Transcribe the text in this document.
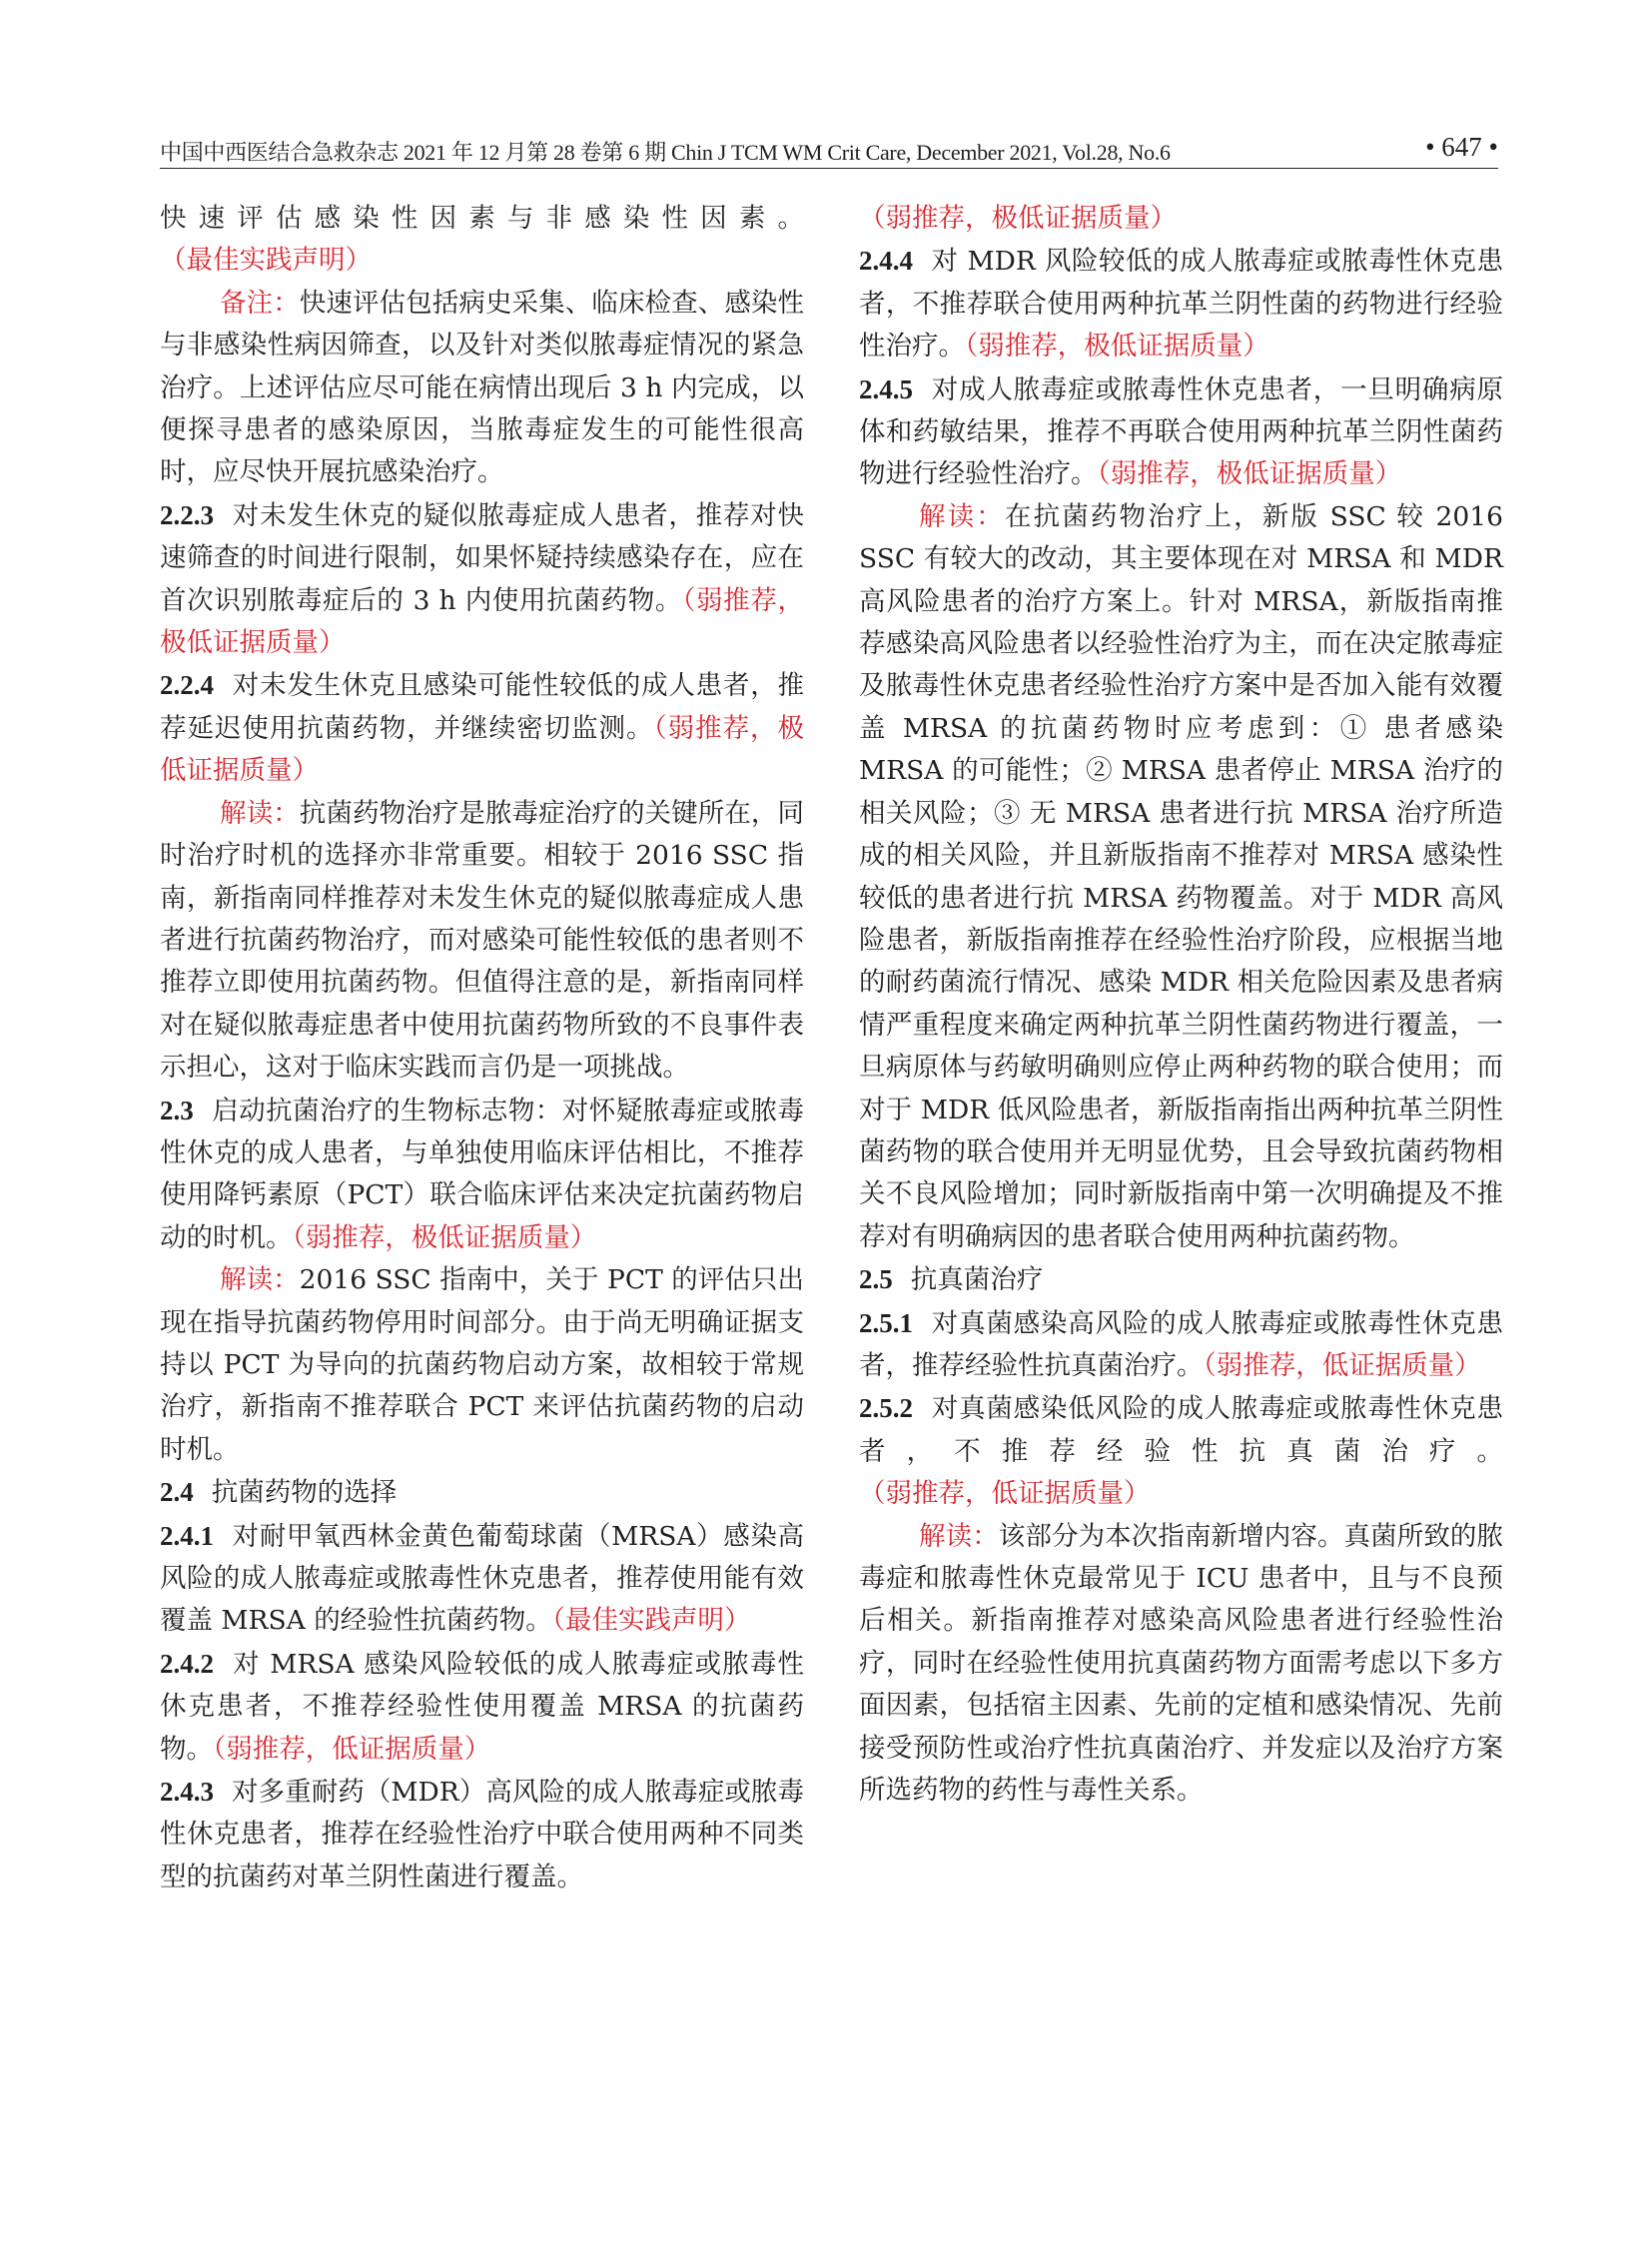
中国中西医结合急救杂志 2021 年 12 月第 28 卷第 6 期 Chin J TCM WM Crit Care, December 2021, Vol.28, No.6	• 647 •

快速评估感染性因素与非感染性因素。（最佳实践声明）

备注：快速评估包括病史采集、临床检查、感染性与非感染性病因筛查，以及针对类似脓毒症情况的紧急治疗。上述评估应尽可能在病情出现后 3 h 内完成，以便探寻患者的感染原因，当脓毒症发生的可能性很高时，应尽快开展抗感染治疗。

2.2.3 对未发生休克的疑似脓毒症成人患者，推荐对快速筛查的时间进行限制，如果怀疑持续感染存在，应在首次识别脓毒症后的 3 h 内使用抗菌药物。（弱推荐，极低证据质量）

2.2.4 对未发生休克且感染可能性较低的成人患者，推荐延迟使用抗菌药物，并继续密切监测。（弱推荐，极低证据质量）

解读：抗菌药物治疗是脓毒症治疗的关键所在，同时治疗时机的选择亦非常重要。相较于 2016 SSC 指南，新指南同样推荐对未发生休克的疑似脓毒症成人患者进行抗菌药物治疗，而对感染可能性较低的患者则不推荐立即使用抗菌药物。但值得注意的是，新指南同样对在疑似脓毒症患者中使用抗菌药物所致的不良事件表示担心，这对于临床实践而言仍是一项挑战。

2.3 启动抗菌治疗的生物标志物：对怀疑脓毒症或脓毒性休克的成人患者，与单独使用临床评估相比，不推荐使用降钙素原（PCT）联合临床评估来决定抗菌药物启动的时机。（弱推荐，极低证据质量）

解读：2016 SSC 指南中，关于 PCT 的评估只出现在指导抗菌药物停用时间部分。由于尚无明确证据支持以 PCT 为导向的抗菌药物启动方案，故相较于常规治疗，新指南不推荐联合 PCT 来评估抗菌药物的启动时机。

2.4 抗菌药物的选择

2.4.1 对耐甲氧西林金黄色葡萄球菌（MRSA）感染高风险的成人脓毒症或脓毒性休克患者，推荐使用能有效覆盖 MRSA 的经验性抗菌药物。（最佳实践声明）

2.4.2 对 MRSA 感染风险较低的成人脓毒症或脓毒性休克患者，不推荐经验性使用覆盖 MRSA 的抗菌药物。（弱推荐，低证据质量）

2.4.3 对多重耐药（MDR）高风险的成人脓毒症或脓毒性休克患者，推荐在经验性治疗中联合使用两种不同类型的抗菌药对革兰阴性菌进行覆盖。

（弱推荐，极低证据质量）

2.4.4 对 MDR 风险较低的成人脓毒症或脓毒性休克患者，不推荐联合使用两种抗革兰阴性菌的药物进行经验性治疗。（弱推荐，极低证据质量）

2.4.5 对成人脓毒症或脓毒性休克患者，一旦明确病原体和药敏结果，推荐不再联合使用两种抗革兰阴性菌药物进行经验性治疗。（弱推荐，极低证据质量）

解读：在抗菌药物治疗上，新版 SSC 较 2016 SSC 有较大的改动，其主要体现在对 MRSA 和 MDR 高风险患者的治疗方案上。针对 MRSA，新版指南推荐感染高风险患者以经验性治疗为主，而在决定脓毒症及脓毒性休克患者经验性治疗方案中是否加入能有效覆盖 MRSA 的抗菌药物时应考虑到：① 患者感染 MRSA 的可能性；② MRSA 患者停止 MRSA 治疗的相关风险；③ 无 MRSA 患者进行抗 MRSA 治疗所造成的相关风险，并且新版指南不推荐对 MRSA 感染性较低的患者进行抗 MRSA 药物覆盖。对于 MDR 高风险患者，新版指南推荐在经验性治疗阶段，应根据当地的耐药菌流行情况、感染 MDR 相关危险因素及患者病情严重程度来确定两种抗革兰阴性菌药物进行覆盖，一旦病原体与药敏明确则应停止两种药物的联合使用；而对于 MDR 低风险患者，新版指南指出两种抗革兰阴性菌药物的联合使用并无明显优势，且会导致抗菌药物相关不良风险增加；同时新版指南中第一次明确提及不推荐对有明确病因的患者联合使用两种抗菌药物。

2.5 抗真菌治疗

2.5.1 对真菌感染高风险的成人脓毒症或脓毒性休克患者，推荐经验性抗真菌治疗。（弱推荐，低证据质量）

2.5.2 对真菌感染低风险的成人脓毒症或脓毒性休克患者，不推荐经验性抗真菌治疗。（弱推荐，低证据质量）

解读：该部分为本次指南新增内容。真菌所致的脓毒症和脓毒性休克最常见于 ICU 患者中，且与不良预后相关。新指南推荐对感染高风险患者进行经验性治疗，同时在经验性使用抗真菌药物方面需考虑以下多方面因素，包括宿主因素、先前的定植和感染情况、先前接受预防性或治疗性抗真菌治疗、并发症以及治疗方案所选药物的药性与毒性关系。
